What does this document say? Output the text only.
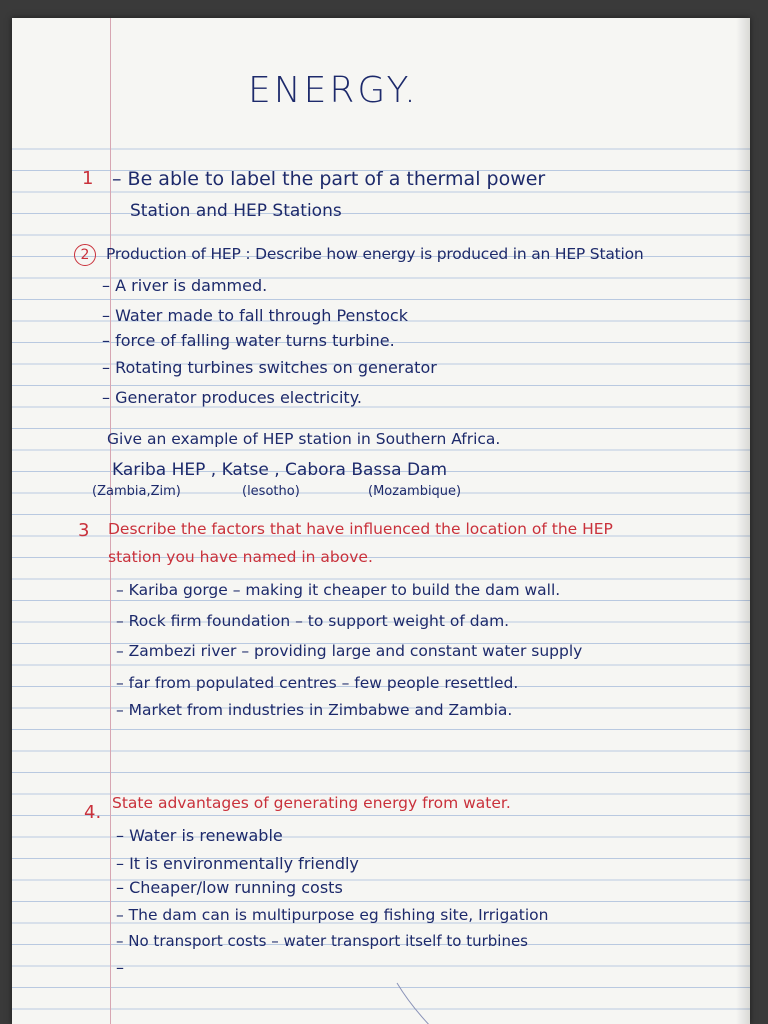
ENERGY.
1 – Be able to label the part of a thermal power
Station and HEP Stations
2	Production of HEP : Describe how energy is produced in an HEP Station
– A river is dammed.
– Water made to fall through Penstock
– force of falling water turns turbine.
– Rotating turbines switches on generator
– Generator produces electricity.
Give an example of HEP station in Southern Africa.
Kariba HEP , Katse , Cabora Bassa Dam
(Zambia,Zim)	(lesotho)	(Mozambique)
3 Describe the factors that have influenced the location of the HEP
station you have named in above.
– Kariba gorge – making it cheaper to build the dam wall.
– Rock firm foundation – to support weight of dam.
– Zambezi river – providing large and constant water supply
– far from populated centres – few people resettled.
– Market from industries in Zimbabwe and Zambia.
4. State advantages of generating energy from water.
– Water is renewable
– It is environmentally friendly
– Cheaper/low running costs
– The dam can is multipurpose eg fishing site, Irrigation
– No transport costs – water transport itself to turbines
–
